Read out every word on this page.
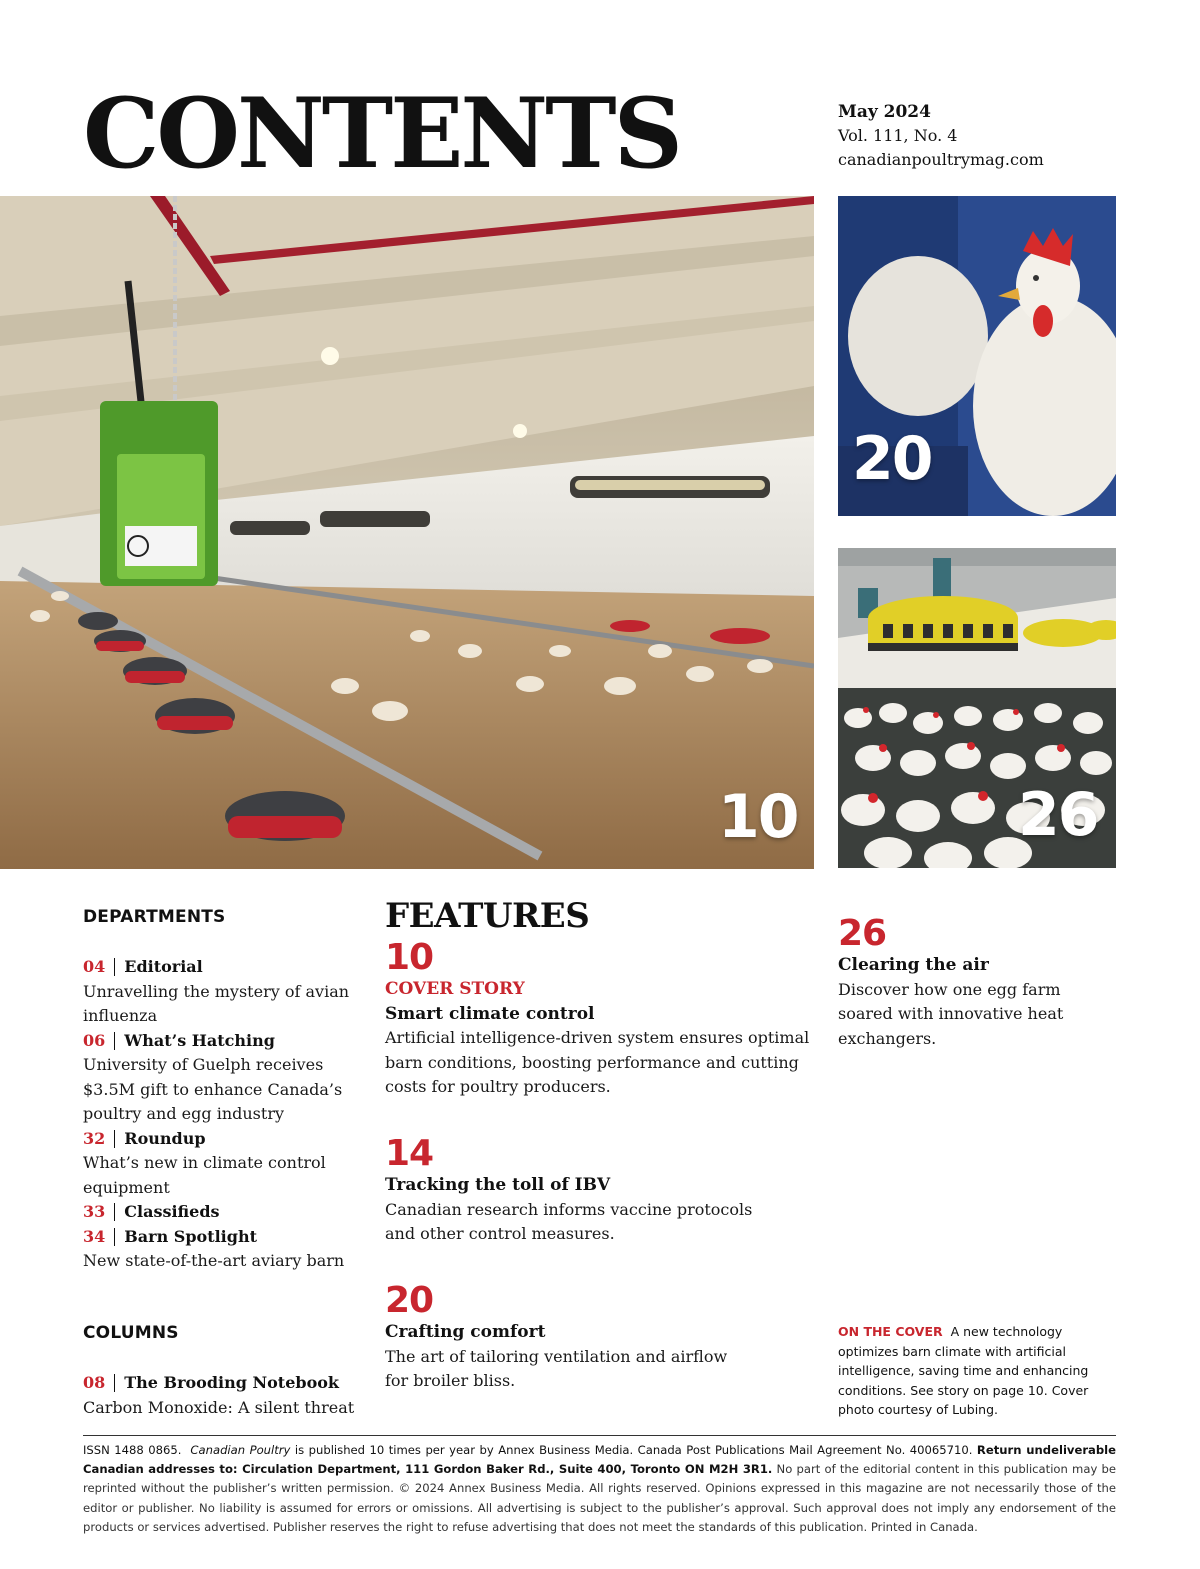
CONTENTS	May 2024
Vol. 111, No. 4
canadianpoultrymag.com
10
20
26
DEPARTMENTS
04 Editorial
Unravelling the mystery of avian influenza
06 What’s Hatching
University of Guelph receives $3.5M gift to enhance Canada’s poultry and egg industry
32 Roundup
What’s new in climate control equipment
33 Classifieds
34 Barn Spotlight
New state-of-the-art aviary barn
COLUMNS
08 The Brooding Notebook
Carbon Monoxide: A silent threat
FEATURES
10
COVER STORY
Smart climate control
Artificial intelligence-driven system ensures optimal barn conditions, boosting performance and cutting costs for poultry producers.
14
Tracking the toll of IBV
Canadian research informs vaccine protocols and other control measures.
20
Crafting comfort
The art of tailoring ventilation and airflow for broiler bliss.
26
Clearing the air
Discover how one egg farm soared with innovative heat exchangers.
ON THE COVER A new technology optimizes barn climate with artificial intelligence, saving time and enhancing conditions. See story on page 10. Cover photo courtesy of Lubing.
ISSN 1488 0865. Canadian Poultry is published 10 times per year by Annex Business Media. Canada Post Publications Mail Agreement No. 40065710. Return undeliverable Canadian addresses to: Circulation Department, 111 Gordon Baker Rd., Suite 400, Toronto ON M2H 3R1. No part of the editorial content in this publication may be reprinted without the publisher’s written permission. © 2024 Annex Business Media. All rights reserved. Opinions expressed in this magazine are not necessarily those of the editor or publisher. No liability is assumed for errors or omissions. All advertising is subject to the publisher’s approval. Such approval does not imply any endorsement of the products or services advertised. Publisher reserves the right to refuse advertising that does not meet the standards of this publication. Printed in Canada.
